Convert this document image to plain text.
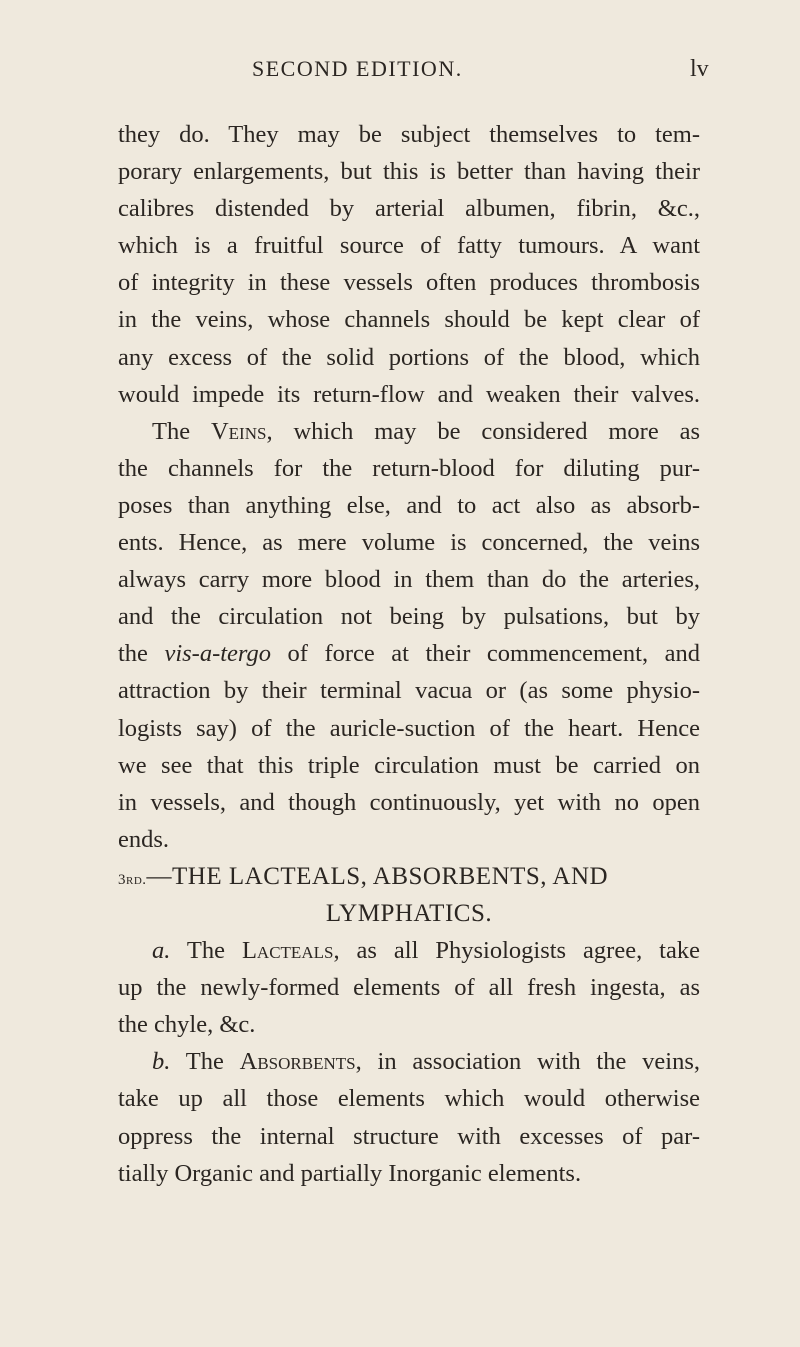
SECOND EDITION.	lv
they do. They may be subject themselves to tem-
porary enlargements, but this is better than having their
calibres distended by arterial albumen, fibrin, &c.,
which is a fruitful source of fatty tumours. A want
of integrity in these vessels often produces thrombosis
in the veins, whose channels should be kept clear of
any excess of the solid portions of the blood, which
would impede its return-flow and weaken their valves.
The Veins, which may be considered more as
the channels for the return-blood for diluting pur-
poses than anything else, and to act also as absorb-
ents. Hence, as mere volume is concerned, the veins
always carry more blood in them than do the arteries,
and the circulation not being by pulsations, but by
the vis-a-tergo of force at their commencement, and
attraction by their terminal vacua or (as some physio-
logists say) of the auricle-suction of the heart. Hence
we see that this triple circulation must be carried on
in vessels, and though continuously, yet with no open
ends.
3rd.—THE LACTEALS, ABSORBENTS, AND
LYMPHATICS.
a. The Lacteals, as all Physiologists agree, take
up the newly-formed elements of all fresh ingesta, as
the chyle, &c.
b. The Absorbents, in association with the veins,
take up all those elements which would otherwise
oppress the internal structure with excesses of par-
tially Organic and partially Inorganic elements.
